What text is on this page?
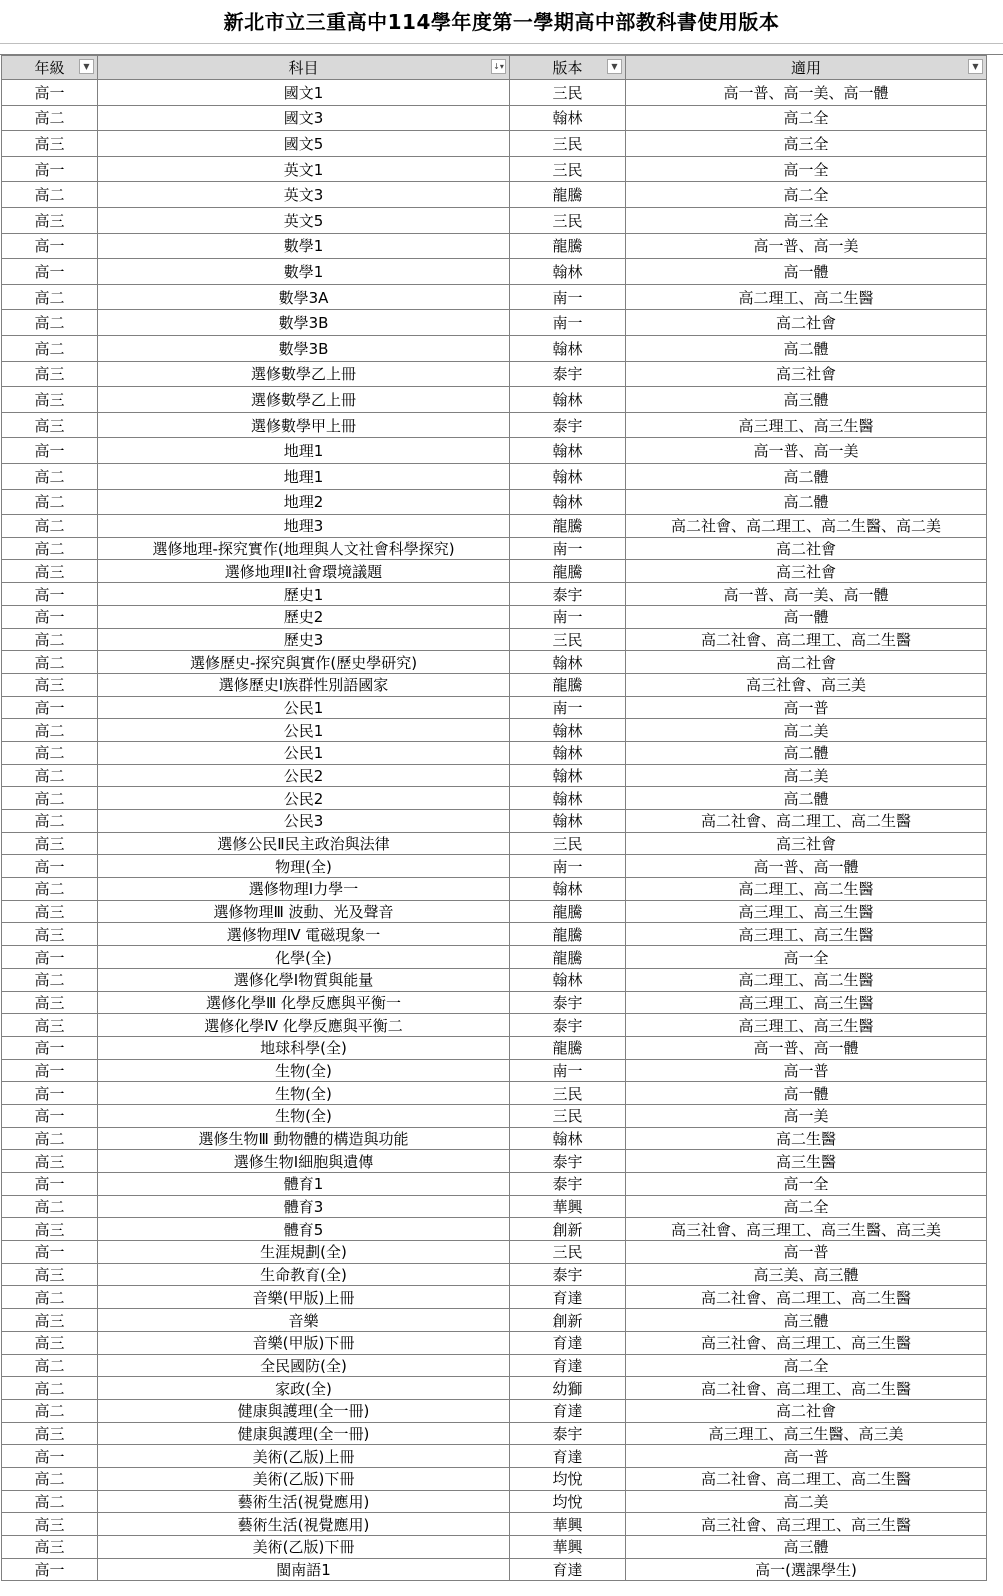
新北市立三重高中114學年度第一學期高中部教科書使用版本
年級 ▼	科目 ↓▾	版本 ▼	適用 ▼

高一	國文1	三民	高一普、高一美、高一體
高二	國文3	翰林	高二全
高三	國文5	三民	高三全
高一	英文1	三民	高一全
高二	英文3	龍騰	高二全
高三	英文5	三民	高三全
高一	數學1	龍騰	高一普、高一美
高一	數學1	翰林	高一體
高二	數學3A	南一	高二理工、高二生醫
高二	數學3B	南一	高二社會
高二	數學3B	翰林	高二體
高三	選修數學乙上冊	泰宇	高三社會
高三	選修數學乙上冊	翰林	高三體
高三	選修數學甲上冊	泰宇	高三理工、高三生醫
高一	地理1	翰林	高一普、高一美
高二	地理1	翰林	高二體
高二	地理2	翰林	高二體
高二	地理3	龍騰	高二社會、高二理工、高二生醫、高二美
高二	選修地理-探究實作(地理與人文社會科學探究)	南一	高二社會
高三	選修地理Ⅱ社會環境議題	龍騰	高三社會
高一	歷史1	泰宇	高一普、高一美、高一體
高一	歷史2	南一	高一體
高二	歷史3	三民	高二社會、高二理工、高二生醫
高二	選修歷史-探究與實作(歷史學研究)	翰林	高二社會
高三	選修歷史Ⅰ族群性別語國家	龍騰	高三社會、高三美
高一	公民1	南一	高一普
高二	公民1	翰林	高二美
高二	公民1	翰林	高二體
高二	公民2	翰林	高二美
高二	公民2	翰林	高二體
高二	公民3	翰林	高二社會、高二理工、高二生醫
高三	選修公民Ⅱ民主政治與法律	三民	高三社會
高一	物理(全)	南一	高一普、高一體
高二	選修物理Ⅰ力學一	翰林	高二理工、高二生醫
高三	選修物理Ⅲ 波動、光及聲音	龍騰	高三理工、高三生醫
高三	選修物理Ⅳ 電磁現象一	龍騰	高三理工、高三生醫
高一	化學(全)	龍騰	高一全
高二	選修化學Ⅰ物質與能量	翰林	高二理工、高二生醫
高三	選修化學Ⅲ 化學反應與平衡一	泰宇	高三理工、高三生醫
高三	選修化學Ⅳ 化學反應與平衡二	泰宇	高三理工、高三生醫
高一	地球科學(全)	龍騰	高一普、高一體
高一	生物(全)	南一	高一普
高一	生物(全)	三民	高一體
高一	生物(全)	三民	高一美
高二	選修生物Ⅲ 動物體的構造與功能	翰林	高二生醫
高三	選修生物Ⅰ細胞與遺傳	泰宇	高三生醫
高一	體育1	泰宇	高一全
高二	體育3	華興	高二全
高三	體育5	創新	高三社會、高三理工、高三生醫、高三美
高一	生涯規劃(全)	三民	高一普
高三	生命教育(全)	泰宇	高三美、高三體
高二	音樂(甲版)上冊	育達	高二社會、高二理工、高二生醫
高三	音樂	創新	高三體
高三	音樂(甲版)下冊	育達	高三社會、高三理工、高三生醫
高二	全民國防(全)	育達	高二全
高二	家政(全)	幼獅	高二社會、高二理工、高二生醫
高二	健康與護理(全一冊)	育達	高二社會
高三	健康與護理(全一冊)	泰宇	高三理工、高三生醫、高三美
高一	美術(乙版)上冊	育達	高一普
高二	美術(乙版)下冊	均悅	高二社會、高二理工、高二生醫
高二	藝術生活(視覺應用)	均悅	高二美
高三	藝術生活(視覺應用)	華興	高三社會、高三理工、高三生醫
高三	美術(乙版)下冊	華興	高三體
高一	閩南語1	育達	高一(選課學生)
